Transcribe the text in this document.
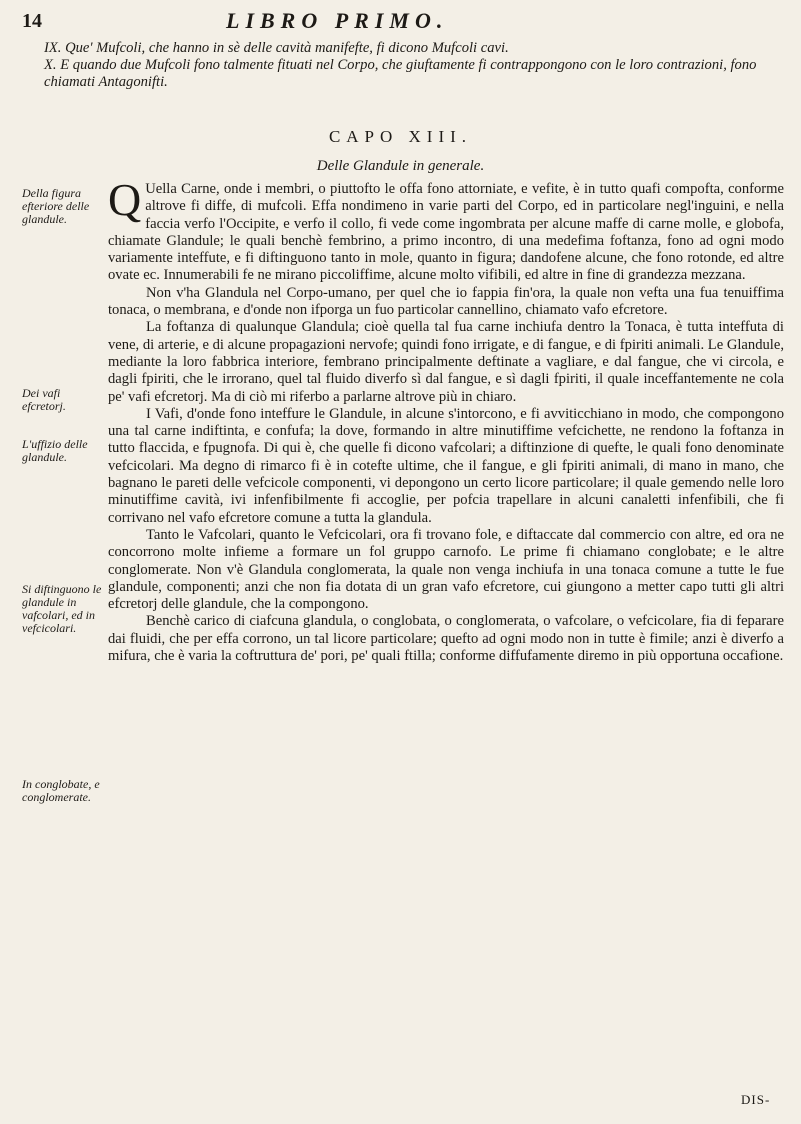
14	LIBRO PRIMO.

IX. Que' Mufcoli, che hanno in sè delle cavità manifefte, fi dicono Mufcoli cavi.

X. E quando due Mufcoli fono talmente fituati nel Corpo, che giuftamente fi contrappongono con le loro contrazioni, fono chiamati Antagonifti.

CAPO XIII.
Delle Glandule in generale.
Della figura efteriore delle glandule.
Dei vafi efcretorj.
L'uffizio delle glandule.
Si diftinguono le glandule in vafcolari, ed in vefcicolari.
In conglobate, e conglomerate.

Q Uella Carne, onde i membri, o piuttofto le offa fono attorniate, e vefite, è in tutto quafi compofta, conforme altrove fi diffe, di mufcoli. Effa nondimeno in varie parti del Corpo, ed in particolare negl'inguini, e nella faccia verfo l'Occipite, e verfo il collo, fi vede come ingombrata per alcune maffe di carne molle, e globofa, chiamate Glandule; le quali benchè fembrino, a primo incontro, di una medefima foftanza, fono ad ogni modo variamente inteffute, e fi diftinguono tanto in mole, quanto in figura; dandofene alcune, che fono rotonde, ed altre ovate ec. Innumerabili fe ne mirano piccoliffime, alcune molto vifibili, ed altre in fine di grandezza mezzana.

Non v'ha Glandula nel Corpo-umano, per quel che io fappia fin'ora, la quale non vefta una fua tenuiffima tonaca, o membrana, e d'onde non ifporga un fuo particolar cannellino, chiamato vafo efcretore.

La foftanza di qualunque Glandula; cioè quella tal fua carne inchiufa dentro la Tonaca, è tutta inteffuta di vene, di arterie, e di alcune propagazioni nervofe; quindi fono irrigate, e di fangue, e di fpiriti animali. Le Glandule, mediante la loro fabbrica interiore, fembrano principalmente deftinate a vagliare, e dal fangue, che vi circola, e dagli fpiriti, che le irrorano, quel tal fluido diverfo sì dal fangue, e sì dagli fpiriti, il quale inceffantemente ne cola pe' vafi efcretorj. Ma di ciò mi riferbo a parlarne altrove più in chiaro.

I Vafi, d'onde fono inteffure le Glandule, in alcune s'intorcono, e fi avviticchiano in modo, che compongono una tal carne indiftinta, e confufa; la dove, formando in altre minutiffime vefcichette, ne rendono la foftanza in tutto flaccida, e fpugnofa. Di qui è, che quelle fi dicono vafcolari; a diftinzione di quefte, le quali fono denominate vefcicolari. Ma degno di rimarco fi è in cotefte ultime, che il fangue, e gli fpiriti animali, di mano in mano, che bagnano le pareti delle vefcicole componenti, vi depongono un certo licore particolare; il quale gemendo nelle loro minutiffime cavità, ivi infenfibilmente fi accoglie, per pofcia trapellare in alcuni canaletti infenfibili, che fi corrivano nel vafo efcretore comune a tutta la glandula.

Tanto le Vafcolari, quanto le Vefcicolari, ora fi trovano fole, e diftaccate dal commercio con altre, ed ora ne concorrono molte infieme a formare un fol gruppo carnofo. Le prime fi chiamano conglobate; e le altre conglomerate. Non v'è Glandula conglomerata, la quale non venga inchiufa in una tonaca comune a tutte le fue glandule, componenti; anzi che non fia dotata di un gran vafo efcretore, cui giungono a metter capo tutti gli altri efcretorj delle glandule, che la compongono.

Benchè carico di ciafcuna glandula, o conglobata, o conglomerata, o vafcolare, o vefcicolare, fia di feparare dai fluidi, che per effa corrono, un tal licore particolare; quefto ad ogni modo non in tutte è fimile; anzi è diverfo a mifura, che è varia la coftruttura de' pori, pe' quali ftilla; conforme diffufamente diremo in più opportuna occafione.

DIS-
